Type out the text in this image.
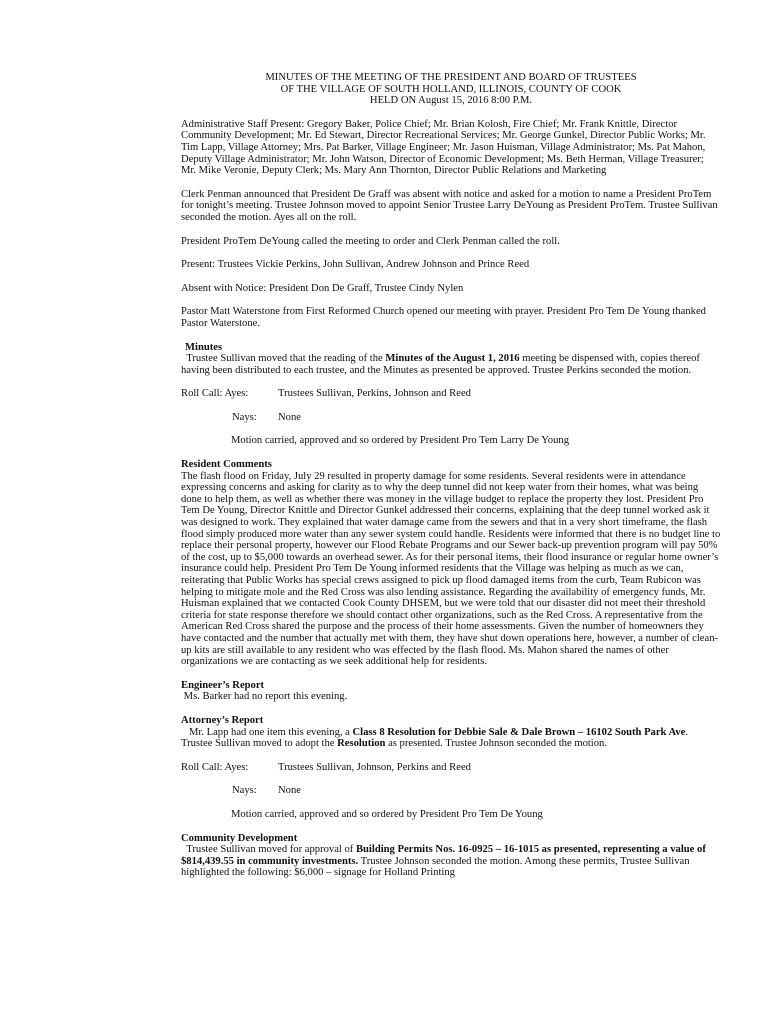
MINUTES OF THE MEETING OF THE PRESIDENT AND BOARD OF TRUSTEES

OF THE VILLAGE OF SOUTH HOLLAND, ILLINOIS, COUNTY OF COOK

HELD ON August 15, 2016 8:00 P.M.

Administrative Staff Present: Gregory Baker, Police Chief; Mr. Brian Kolosh, Fire Chief; Mr. Frank Knittle, Director Community Development; Mr. Ed Stewart, Director Recreational Services; Mr. George Gunkel, Director Public Works; Mr. Tim Lapp, Village Attorney; Mrs. Pat Barker, Village Engineer; Mr. Jason Huisman, Village Administrator; Ms. Pat Mahon, Deputy Village Administrator; Mr. John Watson, Director of Economic Development; Ms. Beth Herman, Village Treasurer; Mr. Mike Veronie, Deputy Clerk; Ms. Mary Ann Thornton, Director Public Relations and Marketing

Clerk Penman announced that President De Graff was absent with notice and asked for a motion to name a President ProTem for tonight’s meeting. Trustee Johnson moved to appoint Senior Trustee Larry DeYoung as President ProTem. Trustee Sullivan seconded the motion. Ayes all on the roll.

President ProTem DeYoung called the meeting to order and Clerk Penman called the roll.

Present: Trustees Vickie Perkins, John Sullivan, Andrew Johnson and Prince Reed

Absent with Notice: President Don De Graff, Trustee Cindy Nylen

Pastor Matt Waterstone from First Reformed Church opened our meeting with prayer. President Pro Tem De Young thanked Pastor Waterstone.

Minutes

Trustee Sullivan moved that the reading of the Minutes of the August 1, 2016 meeting be dispensed with, copies thereof having been distributed to each trustee, and the Minutes as presented be approved. Trustee Perkins seconded the motion.

Roll Call: Ayes:	Trustees Sullivan, Perkins, Johnson and Reed
Nays:	None

Motion carried, approved and so ordered by President Pro Tem Larry De Young

Resident Comments

The flash flood on Friday, July 29 resulted in property damage for some residents. Several residents were in attendance expressing concerns and asking for clarity as to why the deep tunnel did not keep water from their homes, what was being done to help them, as well as whether there was money in the village budget to replace the property they lost. President Pro Tem De Young, Director Knittle and Director Gunkel addressed their concerns, explaining that the deep tunnel worked ask it was designed to work. They explained that water damage came from the sewers and that in a very short timeframe, the flash flood simply produced more water than any sewer system could handle. Residents were informed that there is no budget line to replace their personal property, however our Flood Rebate Programs and our Sewer back-up prevention program will pay 50% of the cost, up to $5,000 towards an overhead sewer. As for their personal items, their flood insurance or regular home owner’s insurance could help. President Pro Tem De Young informed residents that the Village was helping as much as we can, reiterating that Public Works has special crews assigned to pick up flood damaged items from the curb, Team Rubicon was helping to mitigate mole and the Red Cross was also lending assistance. Regarding the availability of emergency funds, Mr. Huisman explained that we contacted Cook County DHSEM, but we were told that our disaster did not meet their threshold criteria for state response therefore we should contact other organizations, such as the Red Cross. A representative from the American Red Cross shared the purpose and the process of their home assessments. Given the number of homeowners they have contacted and the number that actually met with them, they have shut down operations here, however, a number of clean-up kits are still available to any resident who was effected by the flash flood. Ms. Mahon shared the names of other organizations we are contacting as we seek additional help for residents.

Engineer’s Report

Ms. Barker had no report this evening.

Attorney’s Report

Mr. Lapp had one item this evening, a Class 8 Resolution for Debbie Sale & Dale Brown – 16102 South Park Ave. Trustee Sullivan moved to adopt the Resolution as presented. Trustee Johnson seconded the motion.

Roll Call: Ayes:	Trustees Sullivan, Johnson, Perkins and Reed
Nays:	None

Motion carried, approved and so ordered by President Pro Tem De Young

Community Development

Trustee Sullivan moved for approval of Building Permits Nos. 16-0925 – 16-1015 as presented, representing a value of $814,439.55 in community investments. Trustee Johnson seconded the motion. Among these permits, Trustee Sullivan highlighted the following: $6,000 – signage for Holland Printing
